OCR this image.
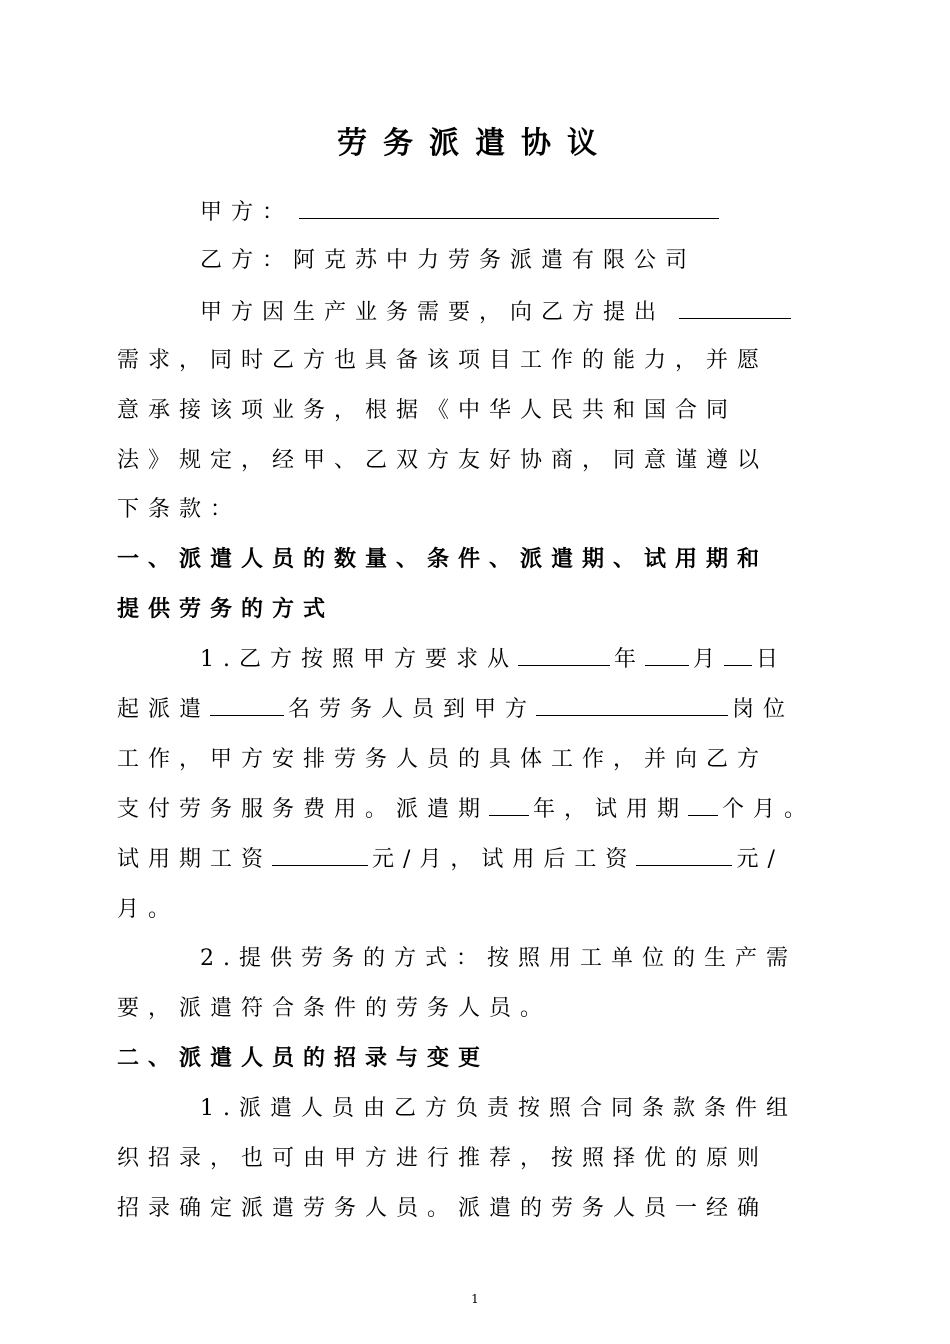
劳务派遣协议
甲方：
乙方：阿克苏中力劳务派遣有限公司
甲方因生产业务需要，向乙方提出
需求，同时乙方也具备该项目工作的能力，并愿
意承接该项业务，根据《中华人民共和国合同
法》规定，经甲、乙双方友好协商，同意谨遵以
下条款：
一、派遣人员的数量、条件、派遣期、试用期和
提供劳务的方式
1.乙方按照甲方要求从	年 月 日
起派遣	名劳务人员到甲方	岗位
工作，甲方安排劳务人员的具体工作，并向乙方
支付劳务服务费用。派遣期 年，试用期 个月。
试用期工资	元/月，试用后工资	元/
月。
2.提供劳务的方式：按照用工单位的生产需
要，派遣符合条件的劳务人员。
二、派遣人员的招录与变更
1.派遣人员由乙方负责按照合同条款条件组
织招录，也可由甲方进行推荐，按照择优的原则
招录确定派遣劳务人员。派遣的劳务人员一经确
1
